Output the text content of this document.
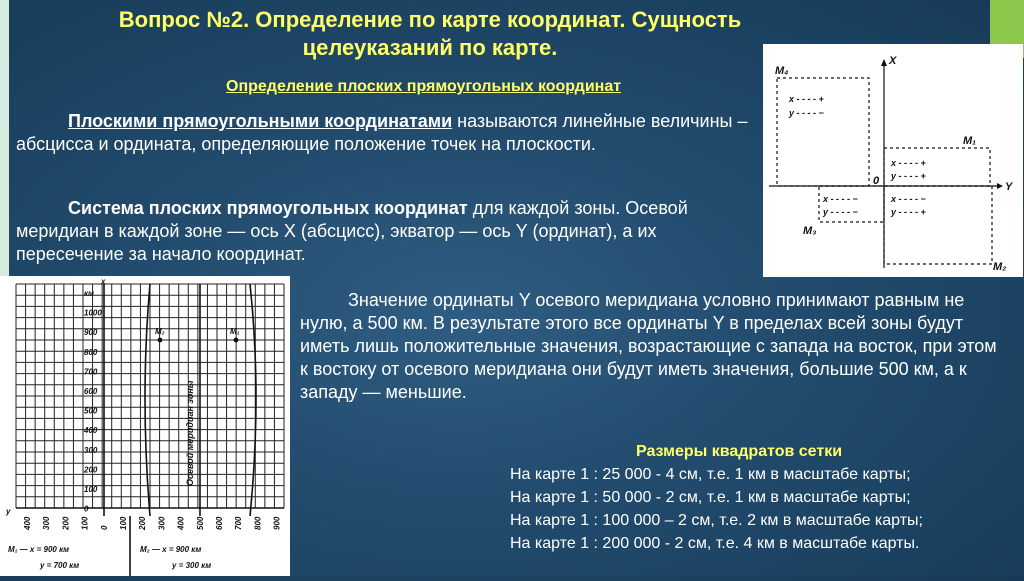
Вопрос №2. Определение по карте координат. Сущность целеуказаний по карте.
Определение плоских прямоугольных координат
Плоскими прямоугольными координатами называются линейные величины – абсцисса и ордината, определяющие положение точек на плоскости.
Система плоских прямоугольных координат для каждой зоны. Осевой меридиан в каждой зоне — ось X (абсцисс), экватор — ось Y (ординат), а их пересечение за начало координат.
Значение ординаты Y осевого меридиана условно принимают равным не нулю, а 500 км. В результате этого все ординаты Y в пределах всей зоны будут иметь лишь положительные значения, возрастающие с запада на восток, при этом к востоку от осевого меридиана они будут иметь значения, большие 500 км, а к западу — меньшие.
Размеры квадратов сетки
На карте 1 : 25 000 - 4 см, т.е. 1 км в масштабе карты;
На карте 1 : 50 000 - 2 см, т.е. 1 км в масштабе карты;
На карте 1 : 100 000 – 2 см, т.е. 2 км в масштабе карты;
На карте 1 : 200 000 - 2 см, т.е. 4 км в масштабе карты.
X
Y
0
M₄
M₁
M₃
M₂
x - - - - +
y - - - - −
x - - - - +
y - - - - +
x - - - - −
y - - - - −
x - - - - −
y - - - - +
x
y
M₂	M₁
Осевой меридиан зоны
км
1000
900
800
700
600
500
400
300
200
100
0
400 300 200 100 0 100 200 300 400 500 600 700 800 900
M₁ — x = 900 км
y = 700 км
M₂ — x = 900 км
y = 300 км
